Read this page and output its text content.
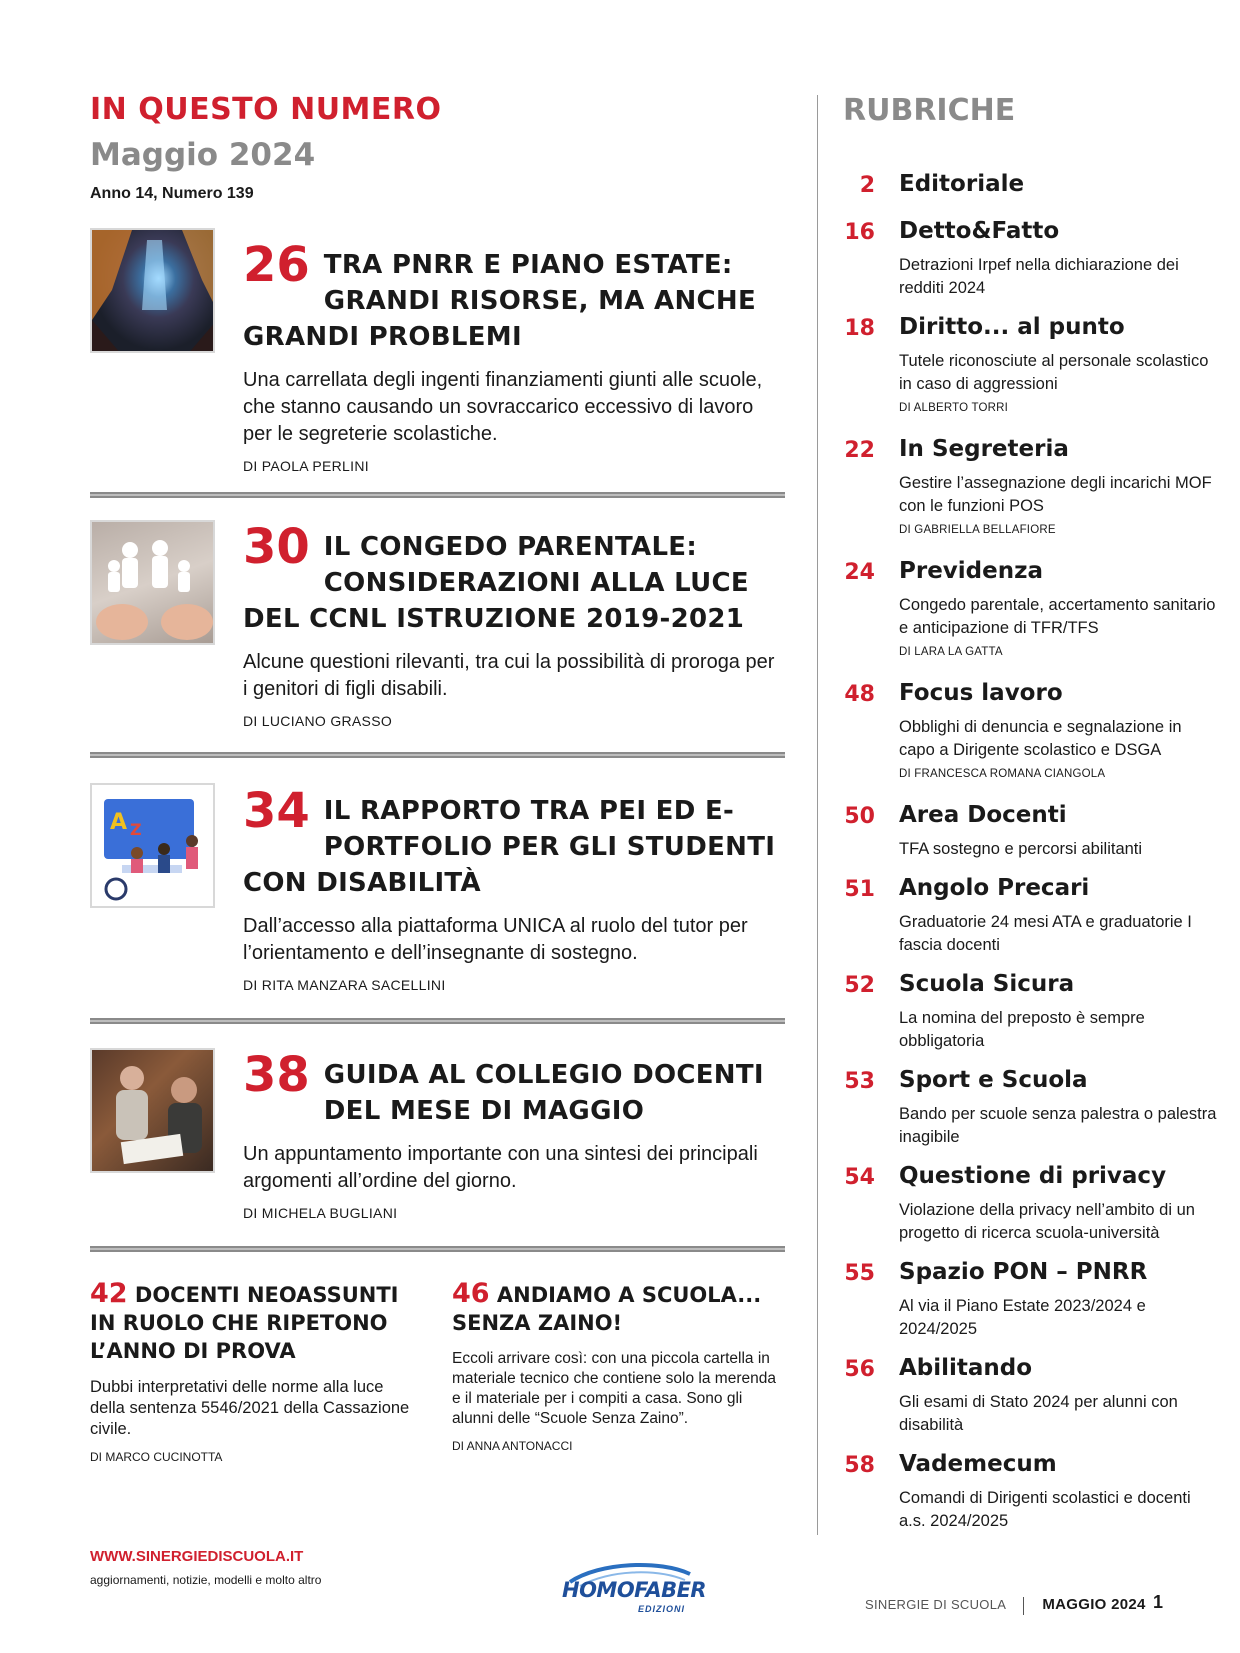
IN QUESTO NUMERO
Maggio 2024
Anno 14, Numero 139
26 TRA PNRR E PIANO ESTATE: GRANDI RISORSE, MA ANCHE GRANDI PROBLEMI
Una carrellata degli ingenti finanziamenti giunti alle scuole, che stanno causando un sovraccarico eccessivo di lavoro per le segreterie scolastiche.
DI PAOLA PERLINI
30 IL CONGEDO PARENTALE: CONSIDERAZIONI ALLA LUCE DEL CCNL ISTRUZIONE 2019-2021
Alcune questioni rilevanti, tra cui la possibilità di proroga per i genitori di figli disabili.
DI LUCIANO GRASSO
A Z 34 IL RAPPORTO TRA PEI ED E-PORTFOLIO PER GLI STUDENTI CON DISABILITÀ
Dall’accesso alla piattaforma UNICA al ruolo del tutor per l’orientamento e dell’insegnante di sostegno.
DI RITA MANZARA SACELLINI
38 GUIDA AL COLLEGIO DOCENTI DEL MESE DI MAGGIO
Un appuntamento importante con una sintesi dei principali argomenti all’ordine del giorno.
DI MICHELA BUGLIANI
42 DOCENTI NEOASSUNTI IN RUOLO CHE RIPETONO L’ANNO DI PROVA
Dubbi interpretativi delle norme alla luce della sentenza 5546/2021 della Cassazione civile.
DI MARCO CUCINOTTA
46 ANDIAMO A SCUOLA... SENZA ZAINO!
Eccoli arrivare così: con una piccola cartella in materiale tecnico che contiene solo la merenda e il materiale per i compiti a casa. Sono gli alunni delle “Scuole Senza Zaino”.
DI ANNA ANTONACCI
RUBRICHE
2 Editoriale
16 Detto&Fatto
Detrazioni Irpef nella dichiarazione dei redditi 2024
18 Diritto... al punto
Tutele riconosciute al personale scolastico in caso di aggressioni
DI ALBERTO TORRI
22 In Segreteria
Gestire l’assegnazione degli incarichi MOF con le funzioni POS
DI GABRIELLA BELLAFIORE
24 Previdenza
Congedo parentale, accertamento sanitario e anticipazione di TFR/TFS
DI LARA LA GATTA
48 Focus lavoro
Obblighi di denuncia e segnalazione in capo a Dirigente scolastico e DSGA
DI FRANCESCA ROMANA CIANGOLA
50 Area Docenti
TFA sostegno e percorsi abilitanti
51 Angolo Precari
Graduatorie 24 mesi ATA e graduatorie I fascia docenti
52 Scuola Sicura
La nomina del preposto è sempre obbligatoria
53 Sport e Scuola
Bando per scuole senza palestra o palestra inagibile
54 Questione di privacy
Violazione della privacy nell’ambito di un progetto di ricerca scuola-università
55 Spazio PON – PNRR
Al via il Piano Estate 2023/2024 e 2024/2025
56 Abilitando
Gli esami di Stato 2024 per alunni con disabilità
58 Vademecum
Comandi di Dirigenti scolastici e docenti a.s. 2024/2025
WWW.SINERGIEDISCUOLA.IT
aggiornamenti, notizie, modelli e molto altro	HOMOFABER
EDIZIONI	SINERGIE DI SCUOLA MAGGIO 2024 1
